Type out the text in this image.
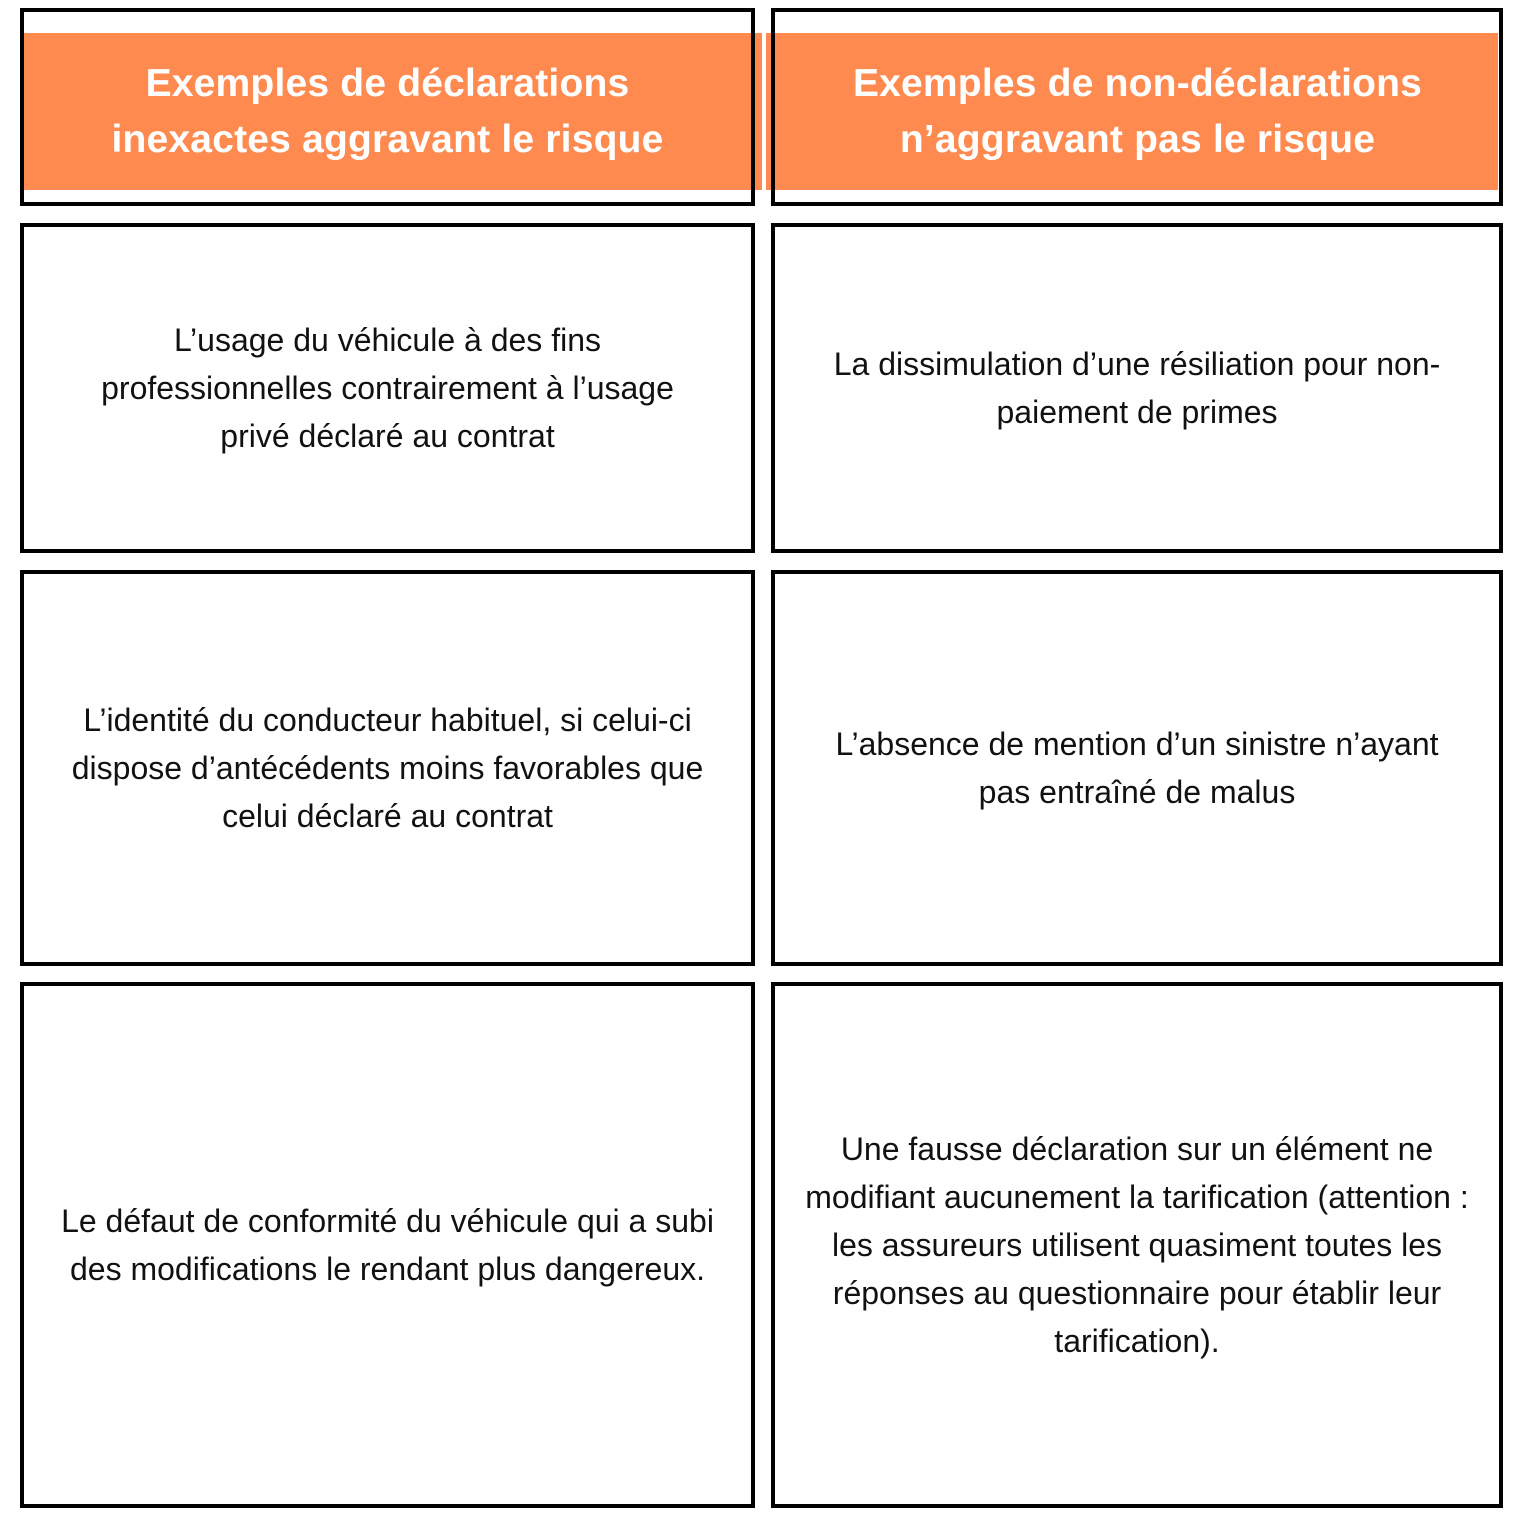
Exemples de déclarations inexactes aggravant le risque
Exemples de non-déclarations n’aggravant pas le risque
L’usage du véhicule à des fins professionnelles contrairement à l’usage privé déclaré au contrat
La dissimulation d’une résiliation pour non-paiement de primes
L’identité du conducteur habituel, si celui-ci dispose d’antécédents moins favorables que celui déclaré au contrat
L’absence de mention d’un sinistre n’ayant pas entraîné de malus
Le défaut de conformité du véhicule qui a subi des modifications le rendant plus dangereux.
Une fausse déclaration sur un élément ne modifiant aucunement la tarification (attention : les assureurs utilisent quasiment toutes les réponses au questionnaire pour établir leur tarification).
